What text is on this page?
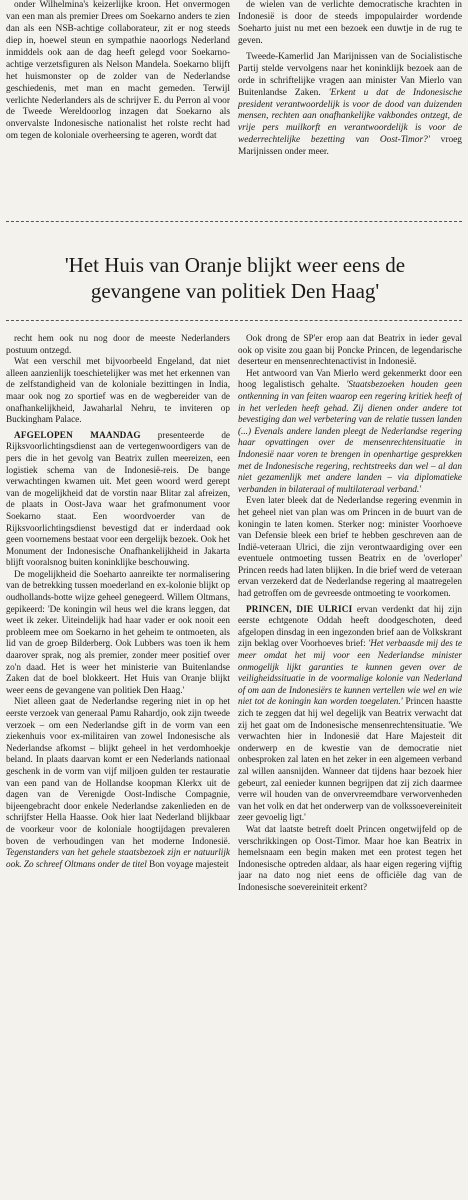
onder Wilhelmina's keizerlijke kroon. Het onvermogen van een man als premier Drees om Soekarno anders te zien dan als een NSB-achtige collaborateur, zit er nog steeds diep in, hoewel steun en sympathie naoorlogs Nederland inmiddels ook aan de dag heeft gelegd voor Soekarno-achtige verzetsfiguren als Nelson Mandela. Soekarno blijft het huismonster op de zolder van de Nederlandse geschiedenis, met man en macht gemeden. Terwijl verlichte Nederlanders als de schrijver E. du Perron al voor de Tweede Wereldoorlog inzagen dat Soekarno als onvervalste Indonesische nationalist het rolste recht had om tegen de koloniale overheersing te ageren, wordt dat

de wielen van de verlichte democratische krachten in Indonesië is door de steeds impopulairder wordende Soeharto juist nu met een bezoek een duwtje in de rug te geven.

Tweede-Kamerlid Jan Marijnissen van de Socialistische Partij stelde vervolgens naar het koninklijk bezoek aan de orde in schriftelijke vragen aan minister Van Mierlo van Buitenlandse Zaken. 'Erkent u dat de Indonesische president verantwoordelijk is voor de dood van duizenden mensen, rechten aan onafhankelijke vakbondes ontzegt, de vrije pers muilkorft en verantwoordelijk is voor de wederrechtelijke bezetting van Oost-Timor?' vroeg Marijnissen onder meer.

'Het Huis van Oranje blijkt weer eens de gevangene van politiek Den Haag'

recht hem ook nu nog door de meeste Nederlanders postuum ontzegd.

Wat een verschil met bijvoorbeeld Engeland, dat niet alleen aanzienlijk toeschietelijker was met het erkennen van de zelfstandigheid van de koloniale bezittingen in India, maar ook nog zo sportief was en de wegbereider van de onafhankelijkheid, Jawaharlal Nehru, te inviteren op Buckingham Palace.

AFGELOPEN MAANDAG presenteerde de Rijksvoorlichtingsdienst aan de vertegenwoordigers van de pers die in het gevolg van Beatrix zullen meereizen, een logistiek schema van de Indonesië-reis. De bange verwachtingen kwamen uit. Met geen woord werd gerept van de mogelijkheid dat de vorstin naar Blitar zal afreizen, de plaats in Oost-Java waar het grafmonument voor Soekarno staat. Een woordvoerder van de Rijksvoorlichtingsdienst bevestigd dat er inderdaad ook geen voornemens bestaat voor een dergelijk bezoek. Ook het Monument der Indonesische Onafhankelijkheid in Jakarta blijft vooralsnog buiten koninklijke beschouwing.

De mogelijkheid die Soeharto aanreikte ter normalisering van de betrekking tussen moederland en ex-kolonie blijkt op oudhollands-botte wijze geheel genegeerd. Willem Oltmans, gepikeerd: 'De koningin wil heus wel die krans leggen, dat weet ik zeker. Uiteindelijk had haar vader er ook nooit een probleem mee om Soekarno in het geheim te ontmoeten, als lid van de groep Bilderberg. Ook Lubbers was toen ik hem daarover sprak, nog als premier, zonder meer positief over zo'n daad. Het is weer het ministerie van Buitenlandse Zaken dat de boel blokkeert. Het Huis van Oranje blijkt weer eens de gevangene van politiek Den Haag.'

Niet alleen gaat de Nederlandse regering niet in op het eerste verzoek van generaal Pamu Rahardjo, ook zijn tweede verzoek – om een Nederlandse gift in de vorm van een ziekenhuis voor ex-militairen van zowel Indonesische als Nederlandse afkomst – blijkt geheel in het verdomhoekje beland. In plaats daarvan komt er een Nederlands nationaal geschenk in de vorm van vijf miljoen gulden ter restauratie van een pand van de Hollandse koopman Klerkx uit de dagen van de Verenigde Oost-Indische Compagnie, bijeengebracht door enkele Nederlandse zakenlieden en de schrijfster Hella Haasse. Ook hier laat Nederland blijkbaar de voorkeur voor de koloniale hoogtijdagen prevaleren boven de verhoudingen van het moderne Indonesië. Tegenstanders van het gehele staatsbezoek zijn er natuurlijk ook. Zo schreef Oltmans onder de titel Bon voyage majesteit

Ook drong de SP'er erop aan dat Beatrix in ieder geval ook op visite zou gaan bij Poncke Princen, de legendarische deserteur en mensenrechtenactivist in Indonesië.

Het antwoord van Van Mierlo werd gekenmerkt door een hoog legalistisch gehalte. 'Staatsbezoeken houden geen ontkenning in van feiten waarop een regering kritiek heeft of in het verleden heeft gehad. Zij dienen onder andere tot bevestiging dan wel verbetering van de relatie tussen landen (...) Evenals andere landen pleegt de Nederlandse regering haar opvattingen over de mensenrechtensituatie in Indonesië naar voren te brengen in openhartige gesprekken met de Indonesische regering, rechtstreeks dan wel – al dan niet gezamenlijk met andere landen – via diplomatieke verbanden in bilateraal of multilateraal verband.'

Even later bleek dat de Nederlandse regering evenmin in het geheel niet van plan was om Princen in de buurt van de koningin te laten komen. Sterker nog: minister Voorhoeve van Defensie bleek een brief te hebben geschreven aan de Indië-veteraan Ulrici, die zijn verontwaardiging over een eventuele ontmoeting tussen Beatrix en de 'overloper' Princen reeds had laten blijken. In die brief werd de veteraan ervan verzekerd dat de Nederlandse regering al maatregelen had getroffen om de gevreesde ontmoeting te voorkomen.

PRINCEN, DIE ULRICI ervan verdenkt dat hij zijn eerste echtgenote Oddah heeft doodgeschoten, deed afgelopen dinsdag in een ingezonden brief aan de Volkskrant zijn beklag over Voorhoeves brief: 'Het verbaasde mij des te meer omdat het mij voor een Nederlandse minister onmogelijk lijkt garanties te kunnen geven over de veiligheidssituatie in de voormalige kolonie van Nederland of om aan de Indonesiërs te kunnen vertellen wie wel en wie niet tot de koningin kan worden toegelaten.' Princen haastte zich te zeggen dat hij wel degelijk van Beatrix verwacht dat zij het gaat om de Indonesische mensenrechtensituatie. 'We verwachten hier in Indonesië dat Hare Majesteit dit onderwerp en de kwestie van de democratie niet onbesproken zal laten en het zeker in een algemeen verband zal willen aansnijden. Wanneer dat tijdens haar bezoek hier gebeurt, zal eenieder kunnen begrijpen dat zij zich daarmee verre wil houden van de onvervreemdbare verworvenheden van het volk en dat het onderwerp van de volkssoevereiniteit zeer gevoelig ligt.'

Wat dat laatste betreft doelt Princen ongetwijfeld op de verschrikkingen op Oost-Timor. Maar hoe kan Beatrix in hemelsnaam een begin maken met een protest tegen het Indonesische optreden aldaar, als haar eigen regering vijftig jaar na dato nog niet eens de officiële dag van de Indonesische soevereiniteit erkent?
